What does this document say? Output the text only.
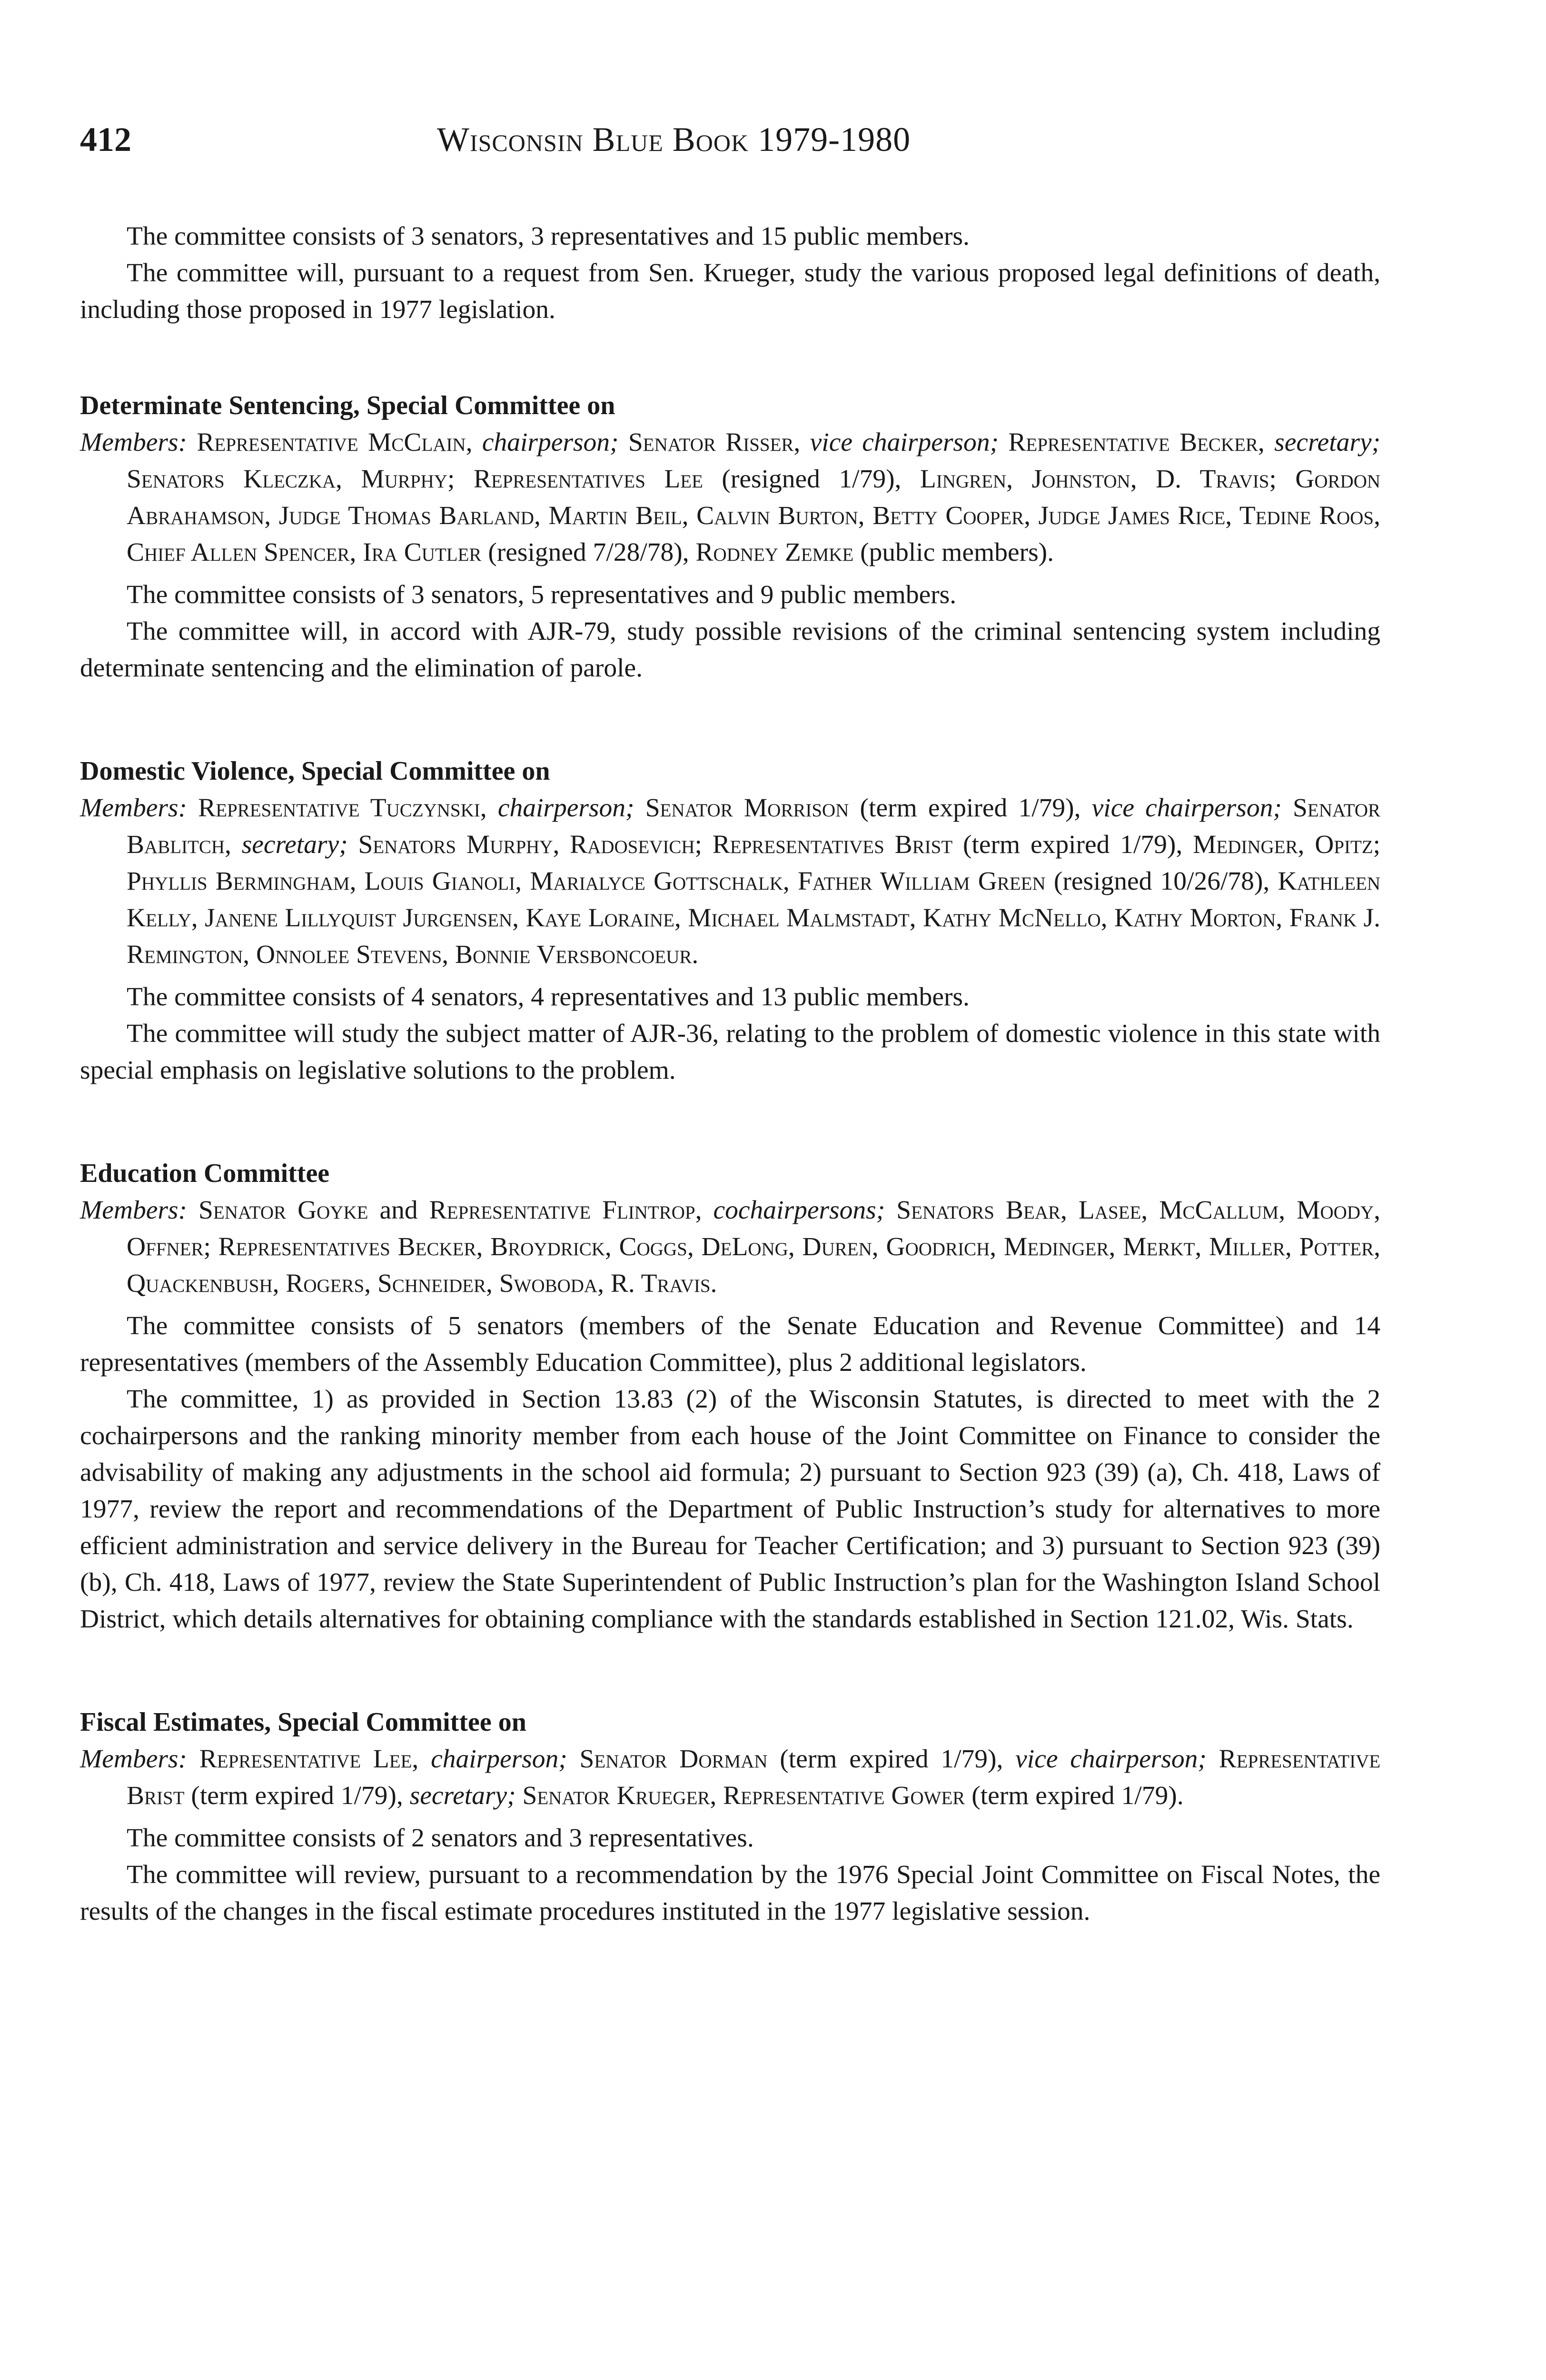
412	Wisconsin Blue Book 1979-1980

The committee consists of 3 senators, 3 representatives and 15 public members.

The committee will, pursuant to a request from Sen. Krueger, study the various proposed legal definitions of death, including those proposed in 1977 legislation.

Determinate Sentencing, Special Committee on

Members: Representative McClain, chairperson; Senator Risser, vice chairperson; Representative Becker, secretary; Senators Kleczka, Murphy; Representatives Lee (resigned 1/79), Lingren, Johnston, D. Travis; Gordon Abrahamson, Judge Thomas Barland, Martin Beil, Calvin Burton, Betty Cooper, Judge James Rice, Tedine Roos, Chief Allen Spencer, Ira Cutler (resigned 7/28/78), Rodney Zemke (public members).

The committee consists of 3 senators, 5 representatives and 9 public members.

The committee will, in accord with AJR-79, study possible revisions of the criminal sentencing system including determinate sentencing and the elimination of parole.

Domestic Violence, Special Committee on

Members: Representative Tuczynski, chairperson; Senator Morrison (term expired 1/79), vice chairperson; Senator Bablitch, secretary; Senators Murphy, Radosevich; Representatives Brist (term expired 1/79), Medinger, Opitz; Phyllis Bermingham, Louis Gianoli, Marialyce Gottschalk, Father William Green (resigned 10/26/78), Kathleen Kelly, Janene Lillyquist Jurgensen, Kaye Loraine, Michael Malmstadt, Kathy McNello, Kathy Morton, Frank J. Remington, Onnolee Stevens, Bonnie Versboncoeur.

The committee consists of 4 senators, 4 representatives and 13 public members.

The committee will study the subject matter of AJR-36, relating to the problem of domestic violence in this state with special emphasis on legislative solutions to the problem.

Education Committee

Members: Senator Goyke and Representative Flintrop, cochairpersons; Senators Bear, Lasee, McCallum, Moody, Offner; Representatives Becker, Broydrick, Coggs, DeLong, Duren, Goodrich, Medinger, Merkt, Miller, Potter, Quackenbush, Rogers, Schneider, Swoboda, R. Travis.

The committee consists of 5 senators (members of the Senate Education and Revenue Committee) and 14 representatives (members of the Assembly Education Committee), plus 2 additional legislators.

The committee, 1) as provided in Section 13.83 (2) of the Wisconsin Statutes, is directed to meet with the 2 cochairpersons and the ranking minority member from each house of the Joint Committee on Finance to consider the advisability of making any adjustments in the school aid formula; 2) pursuant to Section 923 (39) (a), Ch. 418, Laws of 1977, review the report and recommendations of the Department of Public Instruction’s study for alternatives to more efficient administration and service delivery in the Bureau for Teacher Certification; and 3) pursuant to Section 923 (39) (b), Ch. 418, Laws of 1977, review the State Superintendent of Public Instruction’s plan for the Washington Island School District, which details alternatives for obtaining compliance with the standards established in Section 121.02, Wis. Stats.

Fiscal Estimates, Special Committee on

Members: Representative Lee, chairperson; Senator Dorman (term expired 1/79), vice chairperson; Representative Brist (term expired 1/79), secretary; Senator Krueger, Representative Gower (term expired 1/79).

The committee consists of 2 senators and 3 representatives.

The committee will review, pursuant to a recommendation by the 1976 Special Joint Committee on Fiscal Notes, the results of the changes in the fiscal estimate procedures instituted in the 1977 legislative session.
